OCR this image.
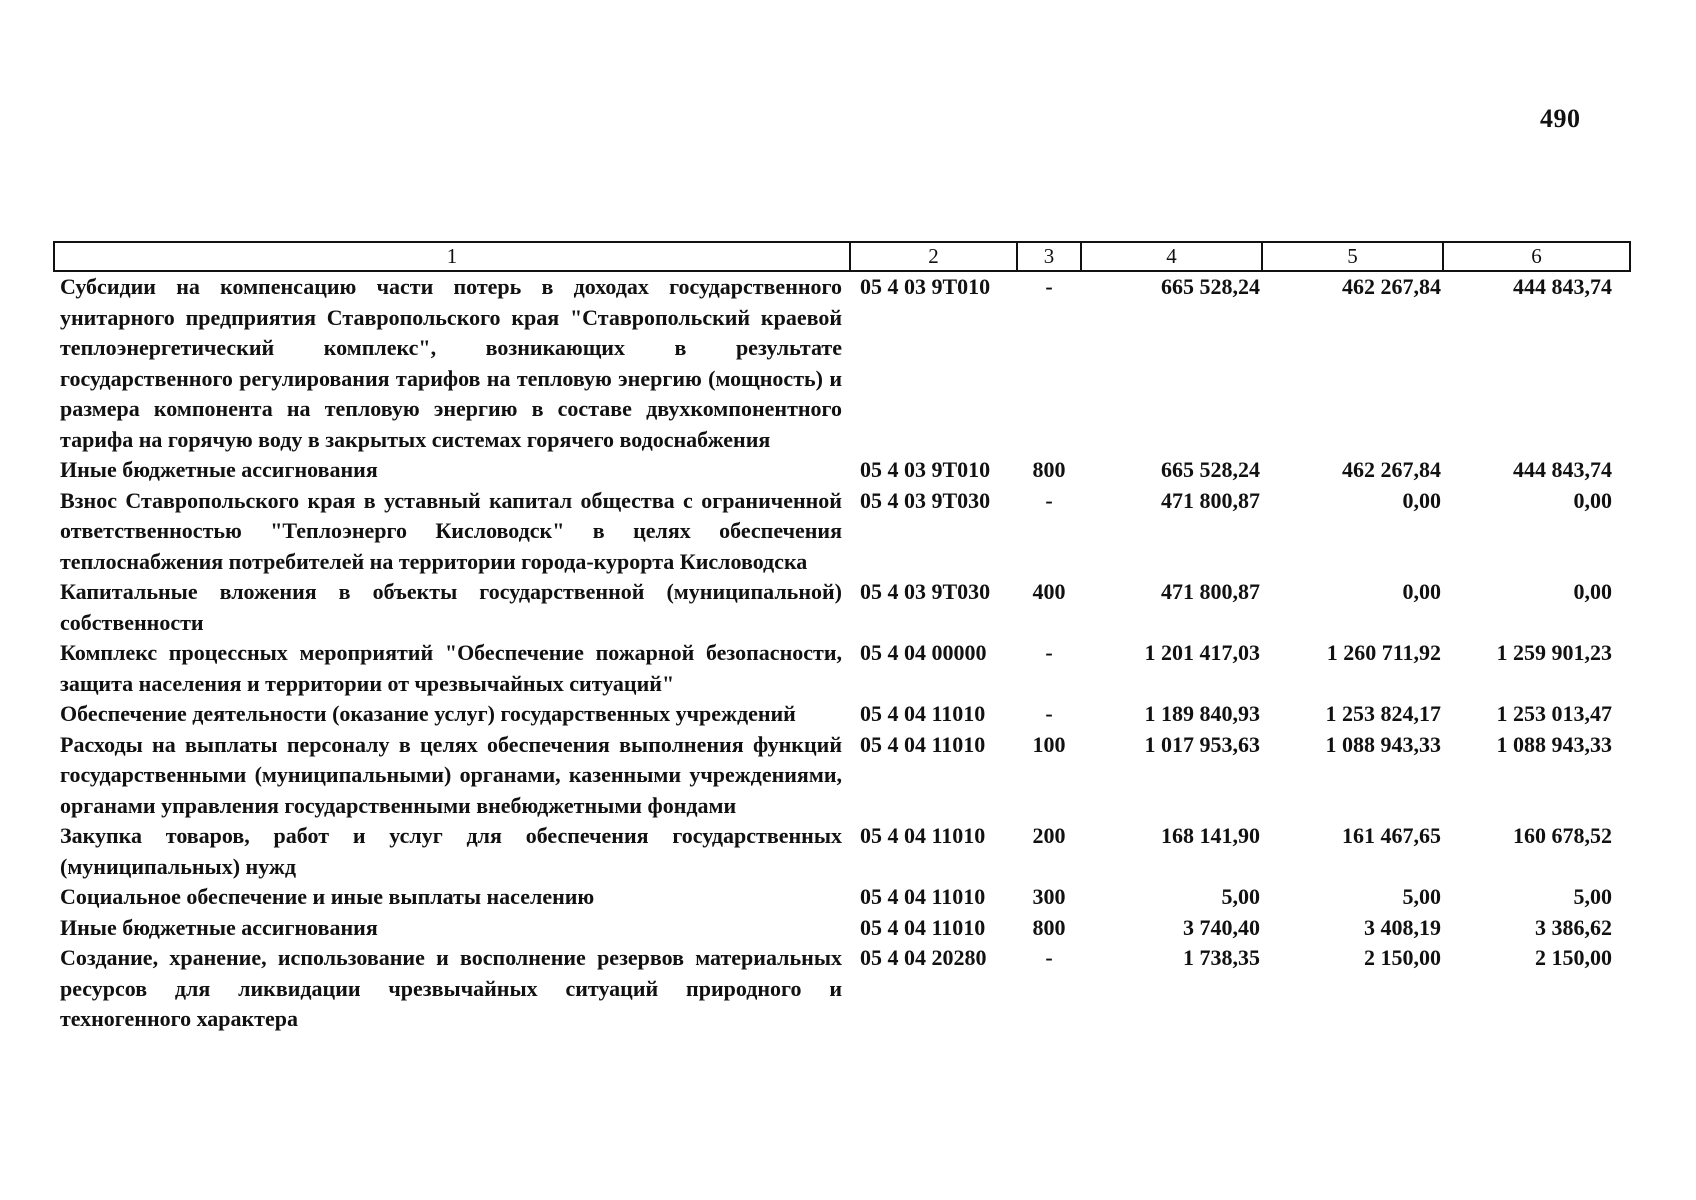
490
1	2	3	4	5	6
Субсидии на компенсацию части потерь в доходах государственного унитарного предприятия Ставропольского края "Ставропольский краевой теплоэнергетический комплекс", возникающих в результате государственного регулирования тарифов на тепловую энергию (мощность) и размера компонента на тепловую энергию в составе двухкомпонентного тарифа на горячую воду в закрытых системах горячего водоснабжения	05 4 03 9Т010	-	665 528,24	462 267,84	444 843,74
Иные бюджетные ассигнования	05 4 03 9Т010	800	665 528,24	462 267,84	444 843,74
Взнос Ставропольского края в уставный капитал общества с ограниченной ответственностью "Теплоэнерго Кисловодск" в целях обеспечения теплоснабжения потребителей на территории города-курорта Кисловодска	05 4 03 9Т030	-	471 800,87	0,00	0,00
Капитальные вложения в объекты государственной (муниципальной) собственности	05 4 03 9Т030	400	471 800,87	0,00	0,00
Комплекс процессных мероприятий "Обеспечение пожарной безопасности, защита населения и территории от чрезвычайных ситуаций"	05 4 04 00000	-	1 201 417,03	1 260 711,92	1 259 901,23
Обеспечение деятельности (оказание услуг) государственных учреждений	05 4 04 11010	-	1 189 840,93	1 253 824,17	1 253 013,47
Расходы на выплаты персоналу в целях обеспечения выполнения функций государственными (муниципальными) органами, казенными учреждениями, органами управления государственными внебюджетными фондами	05 4 04 11010	100	1 017 953,63	1 088 943,33	1 088 943,33
Закупка товаров, работ и услуг для обеспечения государственных (муниципальных) нужд	05 4 04 11010	200	168 141,90	161 467,65	160 678,52
Социальное обеспечение и иные выплаты населению	05 4 04 11010	300	5,00	5,00	5,00
Иные бюджетные ассигнования	05 4 04 11010	800	3 740,40	3 408,19	3 386,62
Создание, хранение, использование и восполнение резервов материальных ресурсов для ликвидации чрезвычайных ситуаций природного и техногенного характера	05 4 04 20280	-	1 738,35	2 150,00	2 150,00
